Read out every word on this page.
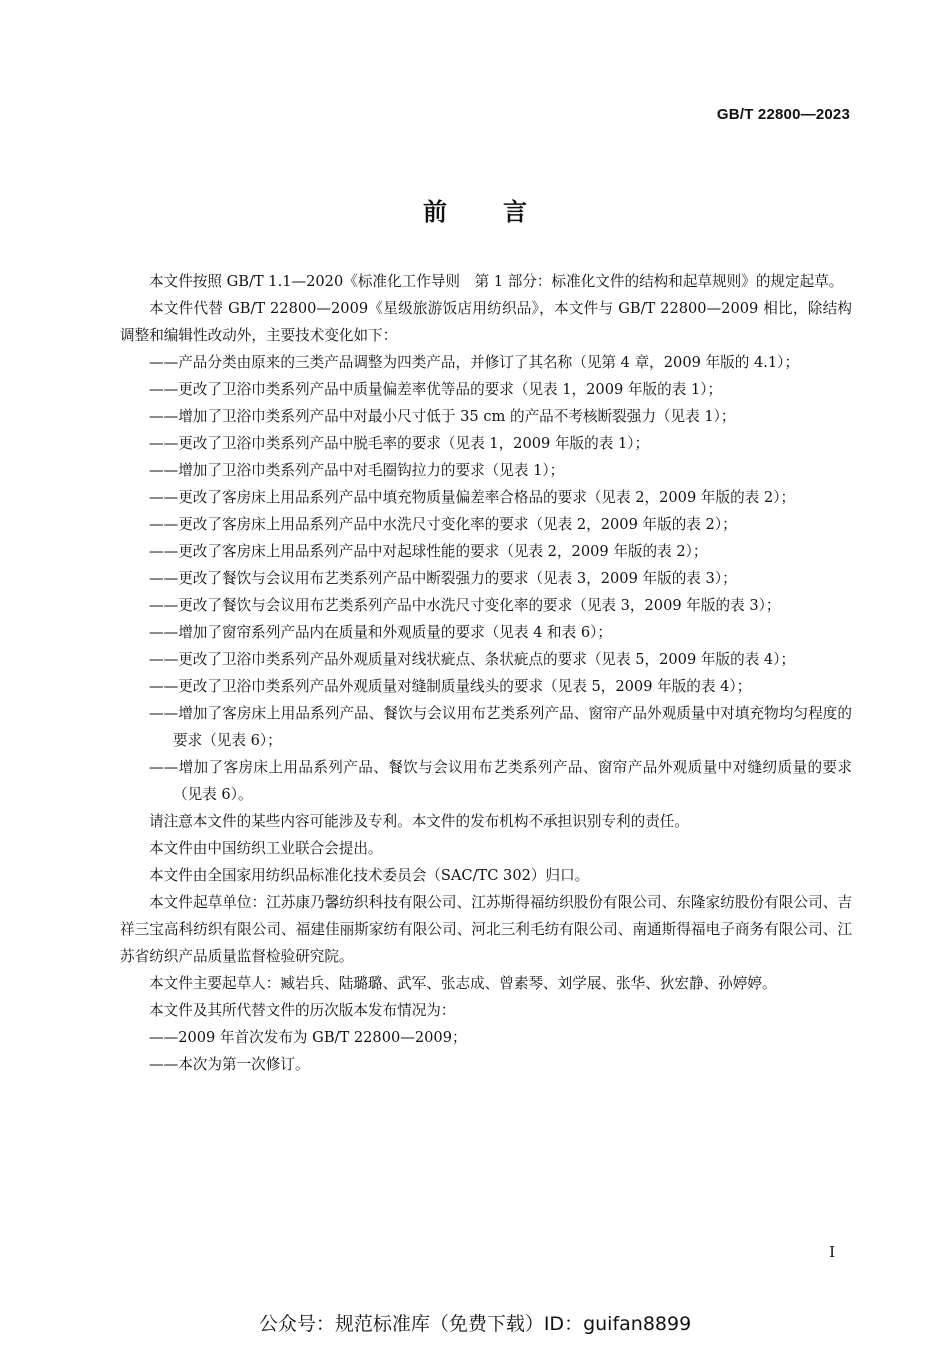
GB/T 22800—2023
前 言

本文件按照 GB/T 1.1—2020《标准化工作导则　第 1 部分：标准化文件的结构和起草规则》的规定起草。

本文件代替 GB/T 22800—2009《星级旅游饭店用纺织品》，本文件与 GB/T 22800—2009 相比，除结构调整和编辑性改动外，主要技术变化如下：

——产品分类由原来的三类产品调整为四类产品，并修订了其名称（见第 4 章，2009 年版的 4.1）；

——更改了卫浴巾类系列产品中质量偏差率优等品的要求（见表 1，2009 年版的表 1）；

——增加了卫浴巾类系列产品中对最小尺寸低于 35 cm 的产品不考核断裂强力（见表 1）；

——更改了卫浴巾类系列产品中脱毛率的要求（见表 1，2009 年版的表 1）；

——增加了卫浴巾类系列产品中对毛圈钩拉力的要求（见表 1）；

——更改了客房床上用品系列产品中填充物质量偏差率合格品的要求（见表 2，2009 年版的表 2）；

——更改了客房床上用品系列产品中水洗尺寸变化率的要求（见表 2，2009 年版的表 2）；

——更改了客房床上用品系列产品中对起球性能的要求（见表 2，2009 年版的表 2）；

——更改了餐饮与会议用布艺类系列产品中断裂强力的要求（见表 3，2009 年版的表 3）；

——更改了餐饮与会议用布艺类系列产品中水洗尺寸变化率的要求（见表 3，2009 年版的表 3）；

——增加了窗帘系列产品内在质量和外观质量的要求（见表 4 和表 6）；

——更改了卫浴巾类系列产品外观质量对线状疵点、条状疵点的要求（见表 5，2009 年版的表 4）；

——更改了卫浴巾类系列产品外观质量对缝制质量线头的要求（见表 5，2009 年版的表 4）；

——增加了客房床上用品系列产品、餐饮与会议用布艺类系列产品、窗帘产品外观质量中对填充物均匀程度的要求（见表 6）；

——增加了客房床上用品系列产品、餐饮与会议用布艺类系列产品、窗帘产品外观质量中对缝纫质量的要求（见表 6）。

请注意本文件的某些内容可能涉及专利。本文件的发布机构不承担识别专利的责任。

本文件由中国纺织工业联合会提出。

本文件由全国家用纺织品标准化技术委员会（SAC/TC 302）归口。

本文件起草单位：江苏康乃馨纺织科技有限公司、江苏斯得福纺织股份有限公司、东隆家纺股份有限公司、吉祥三宝高科纺织有限公司、福建佳丽斯家纺有限公司、河北三利毛纺有限公司、南通斯得福电子商务有限公司、江苏省纺织产品质量监督检验研究院。

本文件主要起草人：臧岩兵、陆璐璐、武军、张志成、曾素琴、刘学展、张华、狄宏静、孙婷婷。

本文件及其所代替文件的历次版本发布情况为：

——2009 年首次发布为 GB/T 22800—2009；

——本次为第一次修订。

I
公众号：规范标准库（免费下载）ID：guifan8899
